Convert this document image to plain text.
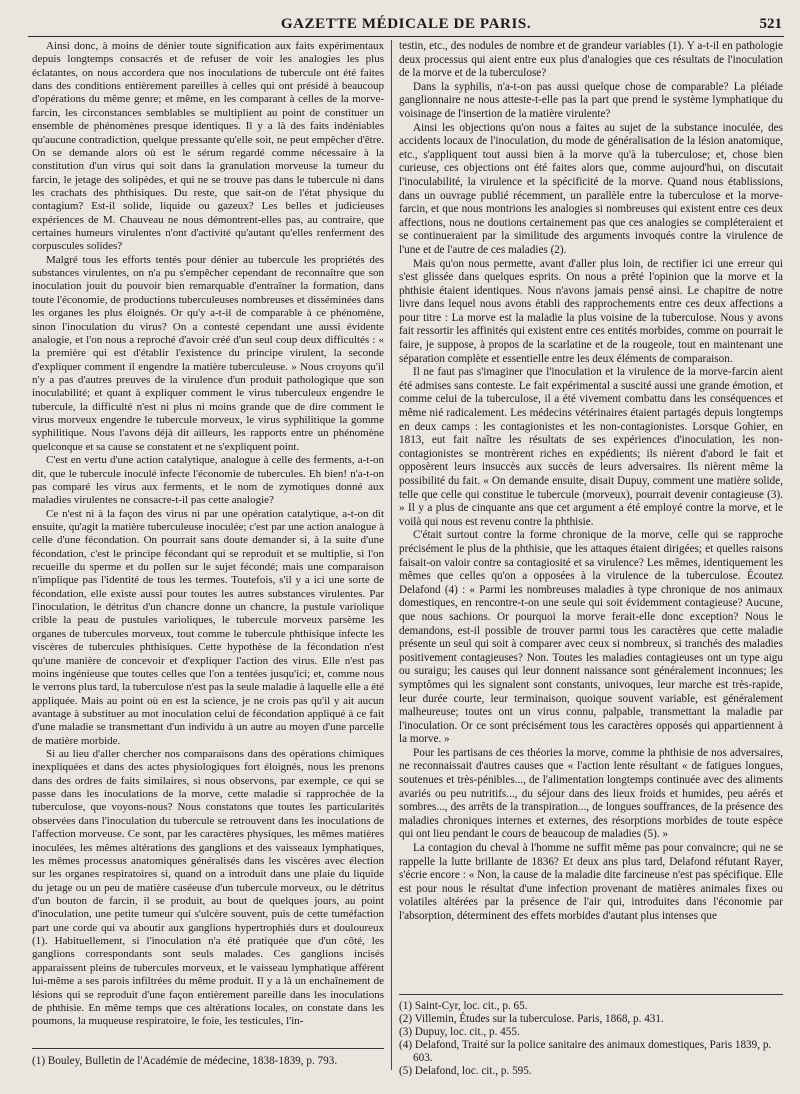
GAZETTE MÉDICALE DE PARIS.	521

Ainsi donc, à moins de dénier toute signification aux faits expérimentaux depuis longtemps consacrés et de refuser de voir les analogies les plus éclatantes, on nous accordera que nos inoculations de tubercule ont été faites dans des conditions entièrement pareilles à celles qui ont présidé à beaucoup d'opérations du même genre; et même, en les comparant à celles de la morve-farcin, les circonstances semblables se multiplient au point de constituer un ensemble de phénomènes presque identiques. Il y a là des faits indéniables qu'aucune contradiction, quelque pressante qu'elle soit, ne peut empêcher d'être. On se demande alors où est le sérum regardé comme nécessaire à la constitution d'un virus qui soit dans la granulation morveuse la tumeur du farcin, le jetage des solipèdes, et qui ne se trouve pas dans le tubercule ni dans les crachats des phthisiques. Du reste, que sait-on de l'état physique du contagium? Est-il solide, liquide ou gazeux? Les belles et judicieuses expériences de M. Chauveau ne nous démontrent-elles pas, au contraire, que certaines humeurs virulentes n'ont d'activité qu'autant qu'elles renferment des corpuscules solides?

Malgré tous les efforts tentés pour dénier au tubercule les propriétés des substances virulentes, on n'a pu s'empêcher cependant de reconnaître que son inoculation jouit du pouvoir bien remarquable d'entraîner la formation, dans toute l'économie, de productions tuberculeuses nombreuses et disséminées dans les organes les plus éloignés. Or qu'y a-t-il de comparable à ce phénomène, sinon l'inoculation du virus? On a contesté cependant une aussi évidente analogie, et l'on nous a reproché d'avoir créé d'un seul coup deux difficultés : « la première qui est d'établir l'existence du principe virulent, la seconde d'expliquer comment il engendre la matière tuberculeuse. » Nous croyons qu'il n'y a pas d'autres preuves de la virulence d'un produit pathologique que son inoculabilité; et quant à expliquer comment le virus tuberculeux engendre le tubercule, la difficulté n'est ni plus ni moins grande que de dire comment le virus morveux engendre le tubercule morveux, le virus syphilitique la gomme syphilitique. Nous l'avons déjà dit ailleurs, les rapports entre un phénomène quelconque et sa cause se constatent et ne s'expliquent point.

C'est en vertu d'une action catalytique, analogue à celle des ferments, a-t-on dit, que le tubercule inoculé infecte l'économie de tubercules. Eh bien! n'a-t-on pas comparé les virus aux ferments, et le nom de zymotiques donné aux maladies virulentes ne consacre-t-il pas cette analogie?

Ce n'est ni à la façon des virus ni par une opération catalytique, a-t-on dit ensuite, qu'agit la matière tuberculeuse inoculée; c'est par une action analogue à celle d'une fécondation. On pourrait sans doute demander si, à la suite d'une fécondation, c'est le principe fécondant qui se reproduit et se multiplie, si l'on recueille du sperme et du pollen sur le sujet fécondé; mais une comparaison n'implique pas l'identité de tous les termes. Toutefois, s'il y a ici une sorte de fécondation, elle existe aussi pour toutes les autres substances virulentes. Par l'inoculation, le détritus d'un chancre donne un chancre, la pustule variolique crible la peau de pustules varioliques, le tubercule morveux parsème les organes de tubercules morveux, tout comme le tubercule phthisique infecte les viscères de tubercules phthisiques. Cette hypothèse de la fécondation n'est qu'une manière de concevoir et d'expliquer l'action des virus. Elle n'est pas moins ingénieuse que toutes celles que l'on a tentées jusqu'ici; et, comme nous le verrons plus tard, la tuberculose n'est pas la seule maladie à laquelle elle a été appliquée. Mais au point où en est la science, je ne crois pas qu'il y ait aucun avantage à substituer au mot inoculation celui de fécondation appliqué à ce fait d'une maladie se transmettant d'un individu à un autre au moyen d'une parcelle de matière morbide.

Si au lieu d'aller chercher nos comparaisons dans des opérations chimiques inexpliquées et dans des actes physiologiques fort éloignés, nous les prenons dans des ordres de faits similaires, si nous observons, par exemple, ce qui se passe dans les inoculations de la morve, cette maladie si rapprochée de la tuberculose, que voyons-nous? Nous constatons que toutes les particularités observées dans l'inoculation du tubercule se retrouvent dans les inoculations de l'affection morveuse. Ce sont, par les caractères physiques, les mêmes matières inoculées, les mêmes altérations des ganglions et des vaisseaux lymphatiques, les mêmes processus anatomiques généralisés dans les viscères avec élection sur les organes respiratoires si, quand on a introduit dans une plaie du liquide du jetage ou un peu de matière caséeuse d'un tubercule morveux, ou le détritus d'un bouton de farcin, il se produit, au bout de quelques jours, au point d'inoculation, une petite tumeur qui s'ulcère souvent, puis de cette tuméfaction part une corde qui va aboutir aux ganglions hypertrophiés durs et douloureux (1). Habituellement, si l'inoculation n'a été pratiquée que d'un côté, les ganglions correspondants sont seuls malades. Ces ganglions incisés apparaissent pleins de tubercules morveux, et le vaisseau lymphatique afférent lui-même a ses parois infiltrées du même produit. Il y a là un enchaînement de lésions qui se reproduit d'une façon entièrement pareille dans les inoculations de phthisie. En même temps que ces altérations locales, on constate dans les poumons, la muqueuse respiratoire, le foie, les testicules, l'in-

testin, etc., des nodules de nombre et de grandeur variables (1). Y a-t-il en pathologie deux processus qui aient entre eux plus d'analogies que ces résultats de l'inoculation de la morve et de la tuberculose?

Dans la syphilis, n'a-t-on pas aussi quelque chose de comparable? La pléiade ganglionnaire ne nous atteste-t-elle pas la part que prend le système lymphatique du voisinage de l'insertion de la matière virulente?

Ainsi les objections qu'on nous a faites au sujet de la substance inoculée, des accidents locaux de l'inoculation, du mode de généralisation de la lésion anatomique, etc., s'appliquent tout aussi bien à la morve qu'à la tuberculose; et, chose bien curieuse, ces objections ont été faites alors que, comme aujourd'hui, on discutait l'inoculabilité, la virulence et la spécificité de la morve. Quand nous établissions, dans un ouvrage publié récemment, un parallèle entre la tuberculose et la morve-farcin, et que nous montrions les analogies si nombreuses qui existent entre ces deux affections, nous ne doutions certainement pas que ces analogies se compléteraient et se continueraient par la similitude des arguments invoqués contre la virulence de l'une et de l'autre de ces maladies (2).

Mais qu'on nous permette, avant d'aller plus loin, de rectifier ici une erreur qui s'est glissée dans quelques esprits. On nous a prêté l'opinion que la morve et la phthisie étaient identiques. Nous n'avons jamais pensé ainsi. Le chapitre de notre livre dans lequel nous avons établi des rapprochements entre ces deux affections a pour titre : La morve est la maladie la plus voisine de la tuberculose. Nous y avons fait ressortir les affinités qui existent entre ces entités morbides, comme on pourrait le faire, je suppose, à propos de la scarlatine et de la rougeole, tout en maintenant une séparation complète et essentielle entre les deux éléments de comparaison.

Il ne faut pas s'imaginer que l'inoculation et la virulence de la morve-farcin aient été admises sans conteste. Le fait expérimental a suscité aussi une grande émotion, et comme celui de la tuberculose, il a été vivement combattu dans les conséquences et même nié radicalement. Les médecins vétérinaires étaient partagés depuis longtemps en deux camps : les contagionistes et les non-contagionistes. Lorsque Gohier, en 1813, eut fait naître les résultats de ses expériences d'inoculation, les non-contagionistes se montrèrent riches en expédients; ils nièrent d'abord le fait et opposèrent leurs insuccès aux succès de leurs adversaires. Ils nièrent même la possibilité du fait. « On demande ensuite, disait Dupuy, comment une matière solide, telle que celle qui constitue le tubercule (morveux), pourrait devenir contagieuse (3). » Il y a plus de cinquante ans que cet argument a été employé contre la morve, et le voilà qui nous est revenu contre la phthisie.

C'était surtout contre la forme chronique de la morve, celle qui se rapproche précisément le plus de la phthisie, que les attaques étaient dirigées; et quelles raisons faisait-on valoir contre sa contagiosité et sa virulence? Les mêmes, identiquement les mêmes que celles qu'on a opposées à la virulence de la tuberculose. Écoutez Delafond (4) : « Parmi les nombreuses maladies à type chronique de nos animaux domestiques, en rencontre-t-on une seule qui soit évidemment contagieuse? Aucune, que nous sachions. Or pourquoi la morve ferait-elle donc exception? Nous le demandons, est-il possible de trouver parmi tous les caractères que cette maladie présente un seul qui soit à comparer avec ceux si nombreux, si tranchés des maladies positivement contagieuses? Non. Toutes les maladies contagieuses ont un type aigu ou suraigu; les causes qui leur donnent naissance sont généralement inconnues; les symptômes qui les signalent sont constants, univoques, leur marche est très-rapide, leur durée courte, leur terminaison, quoique souvent variable, est généralement malheureuse; toutes ont un virus connu, palpable, transmettant la maladie par l'inoculation. Or ce sont précisément tous les caractères opposés qui appartiennent à la morve. »

Pour les partisans de ces théories la morve, comme la phthisie de nos adversaires, ne reconnaissait d'autres causes que « l'action lente résultant « de fatigues longues, soutenues et très-pénibles..., de l'alimentation longtemps continuée avec des aliments avariés ou peu nutritifs..., du séjour dans des lieux froids et humides, peu aérés et sombres..., des arrêts de la transpiration..., de longues souffrances, de la présence des maladies chroniques internes et externes, des résorptions morbides de toute espèce qui ont lieu pendant le cours de beaucoup de maladies (5). »

La contagion du cheval à l'homme ne suffit même pas pour convaincre; qui ne se rappelle la lutte brillante de 1836? Et deux ans plus tard, Delafond réfutant Rayer, s'écrie encore : « Non, la cause de la maladie dite farcineuse n'est pas spécifique. Elle est pour nous le résultat d'une infection provenant de matières animales fixes ou volatiles altérées par la présence de l'air qui, introduites dans l'économie par l'absorption, déterminent des effets morbides d'autant plus intenses que

(1) Bouley, Bulletin de l'Académie de médecine, 1838-1839, p. 793.
(1) Saint-Cyr, loc. cit., p. 65.
(2) Villemin, Études sur la tuberculose. Paris, 1868, p. 431.
(3) Dupuy, loc. cit., p. 455.
(4) Delafond, Traité sur la police sanitaire des animaux domestiques, Paris 1839, p. 603.
(5) Delafond, loc. cit., p. 595.
